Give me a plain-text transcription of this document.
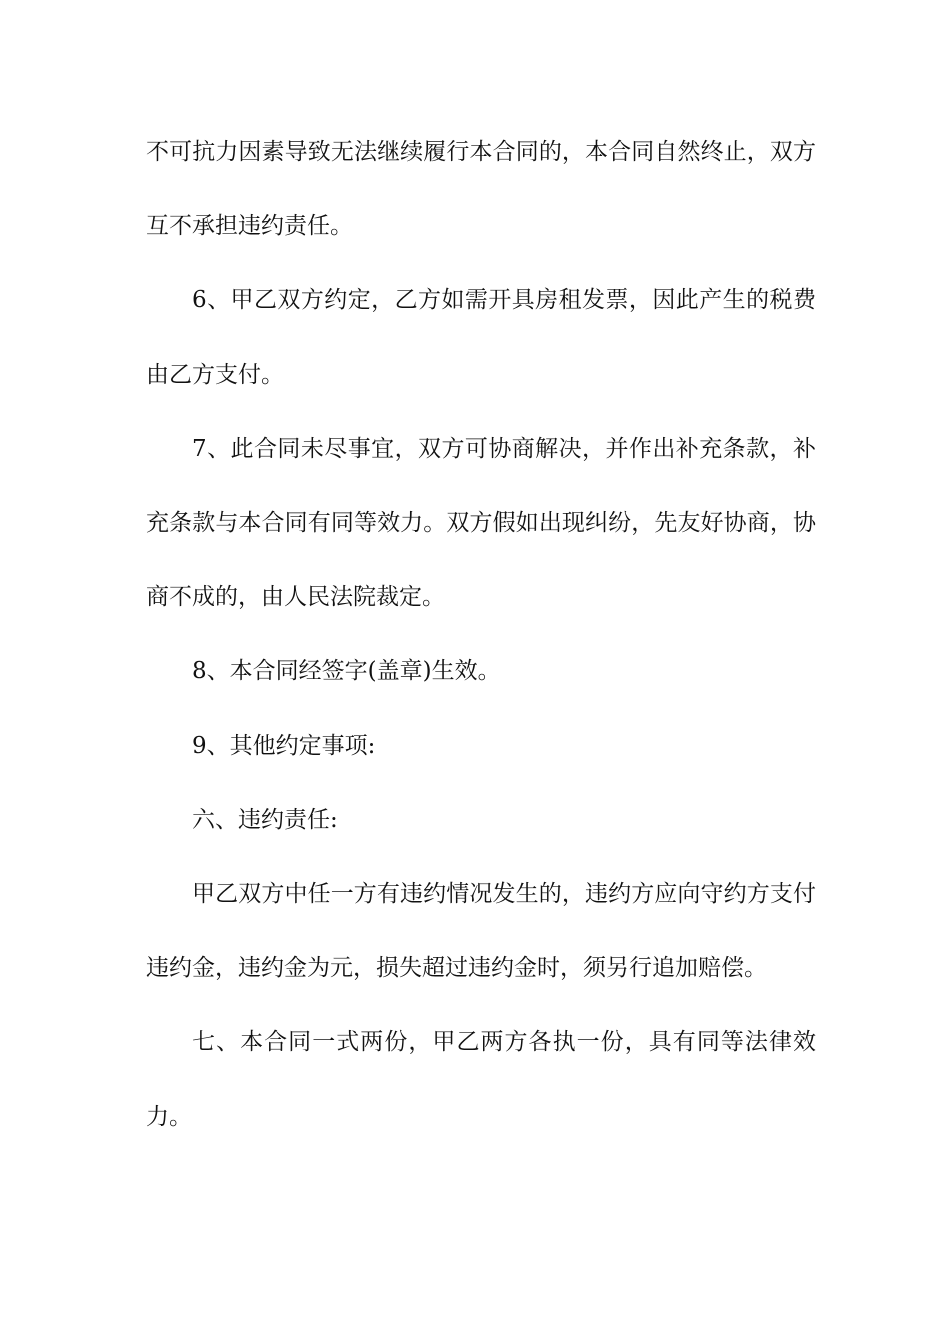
不可抗力因素导致无法继续履行本合同的，本合同自然终止，双方互不承担违约责任。

6、甲乙双方约定，乙方如需开具房租发票，因此产生的税费由乙方支付。

7、此合同未尽事宜，双方可协商解决，并作出补充条款，补充条款与本合同有同等效力。双方假如出现纠纷，先友好协商，协商不成的，由人民法院裁定。

8、本合同经签字(盖章)生效。

9、其他约定事项:

六、违约责任:

甲乙双方中任一方有违约情况发生的，违约方应向守约方支付违约金，违约金为元，损失超过违约金时，须另行追加赔偿。

七、本合同一式两份，甲乙两方各执一份，具有同等法律效力。
